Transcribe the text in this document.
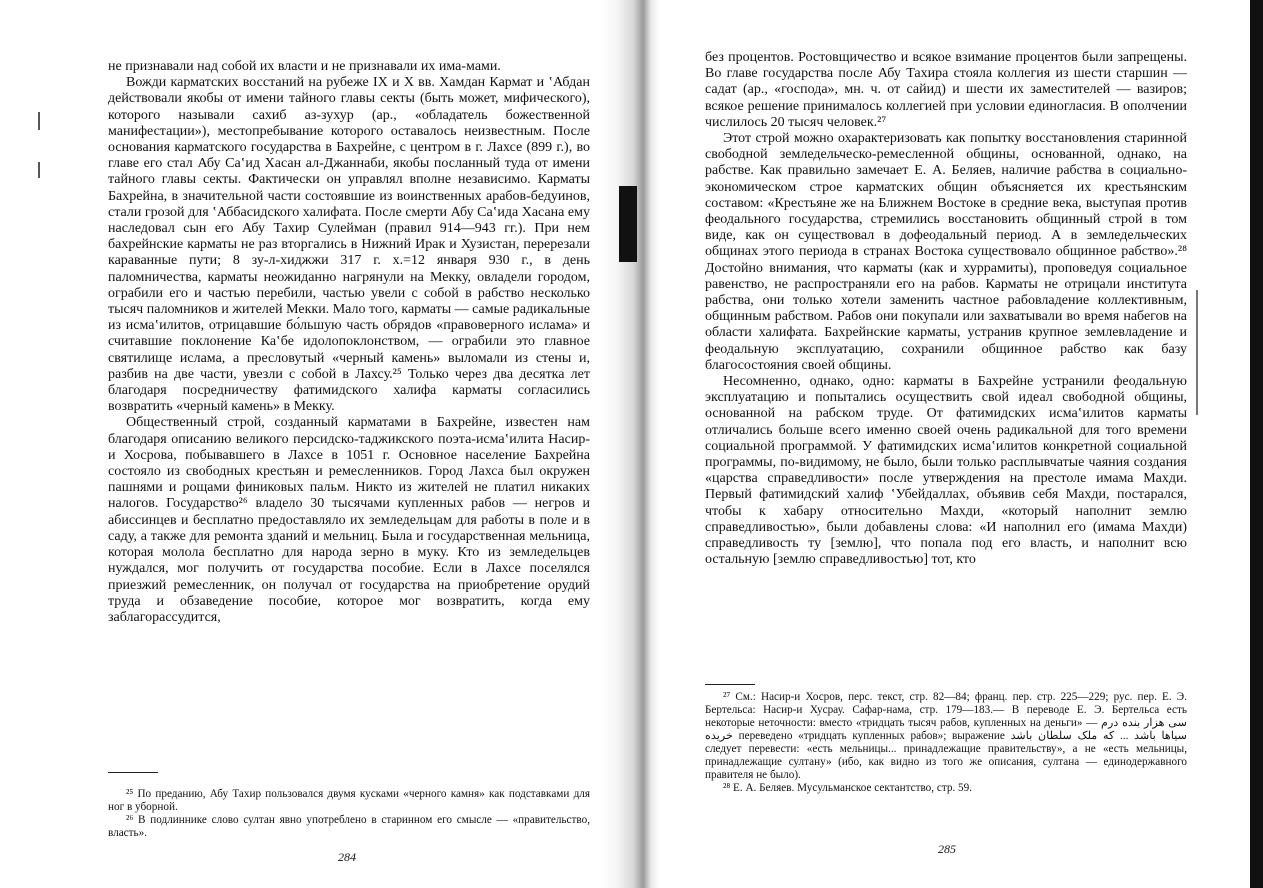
не признавали над собой их власти и не признавали их има-мами.

Вожди карматских восстаний на рубеже IX и X вв. Хамдан Кармат и ʽАбдан действовали якобы от имени тайного главы секты (быть может, мифического), которого называли сахиб аз-зухур (ар., «обладатель божественной манифестации»), местопребывание которого оставалось неизвестным. После основания карматского государства в Бахрейне, с центром в г. Лахсе (899 г.), во главе его стал Абу Саʽид Хасан ал-Джаннаби, якобы посланный туда от имени тайного главы секты. Фактически он управлял вполне независимо. Карматы Бахрейна, в значительной части состоявшие из воинственных арабов-бедуинов, стали грозой для ʽАббасидского халифата. После смерти Абу Саʽида Хасана ему наследовал сын его Абу Тахир Сулейман (правил 914—943 гг.). При нем бахрейнские карматы не раз вторгались в Нижний Ирак и Хузистан, перерезали караванные пути; 8 зу-л-хиджжи 317 г. х.=12 января 930 г., в день паломничества, карматы неожиданно нагрянули на Мекку, овладели городом, ограбили его и частью перебили, частью увели с собой в рабство несколько тысяч паломников и жителей Мекки. Мало того, карматы — самые радикальные из исмаʽилитов, отрицавшие бо́льшую часть обрядов «правоверного ислама» и считавшие поклонение Каʽбе идолопоклонством, — ограбили это главное святилище ислама, а пресловутый «черный камень» выломали из стены и, разбив на две части, увезли с собой в Лахсу.²⁵ Только через два десятка лет благодаря посредничеству фатимидского халифа карматы согласились возвратить «черный камень» в Мекку.

Общественный строй, созданный карматами в Бахрейне, известен нам благодаря описанию великого персидско-таджикского поэта-исмаʽилита Насир-и Хосрова, побывавшего в Лахсе в 1051 г. Основное население Бахрейна состояло из свободных крестьян и ремесленников. Город Лахса был окружен пашнями и рощами финиковых пальм. Никто из жителей не платил никаких налогов. Государство²⁶ владело 30 тысячами купленных рабов — негров и абиссинцев и бесплатно предоставляло их земледельцам для работы в поле и в саду, а также для ремонта зданий и мельниц. Была и государственная мельница, которая молола бесплатно для народа зерно в муку. Кто из земледельцев нуждался, мог получить от государства пособие. Если в Лахсе поселялся приезжий ремесленник, он получал от государства на приобретение орудий труда и обзаведение пособие, которое мог возвратить, когда ему заблагорассудится,

²⁵ По преданию, Абу Тахир пользовался двумя кусками «черного камня» как подставками для ног в уборной.

²⁶ В подлиннике слово султан явно употреблено в старинном его смысле — «правительство, власть».

284

без процентов. Ростовщичество и всякое взимание процентов были запрещены. Во главе государства после Абу Тахира стояла коллегия из шести старшин — садат (ар., «господа», мн. ч. от сайид) и шести их заместителей — вазиров; всякое решение принималось коллегией при условии единогласия. В ополчении числилось 20 тысяч человек.²⁷

Этот строй можно охарактеризовать как попытку восстановления старинной свободной земледельческо-ремесленной общины, основанной, однако, на рабстве. Как правильно замечает Е. А. Беляев, наличие рабства в социально-экономическом строе карматских общин объясняется их крестьянским составом: «Крестьяне же на Ближнем Востоке в средние века, выступая против феодального государства, стремились восстановить общинный строй в том виде, как он существовал в дофеодальный период. А в земледельческих общинах этого периода в странах Востока существовало общинное рабство».²⁸ Достойно внимания, что карматы (как и хуррамиты), проповедуя социальное равенство, не распространяли его на рабов. Карматы не отрицали института рабства, они только хотели заменить частное рабовладение коллективным, общинным рабством. Рабов они покупали или захватывали во время набегов на области халифата. Бахрейнские карматы, устранив крупное землевладение и феодальную эксплуатацию, сохранили общинное рабство как базу благосостояния своей общины.

Несомненно, однако, одно: карматы в Бахрейне устранили феодальную эксплуатацию и попытались осуществить свой идеал свободной общины, основанной на рабском труде. От фатимидских исмаʽилитов карматы отличались больше всего именно своей очень радикальной для того времени социальной программой. У фатимидских исмаʽилитов конкретной социальной программы, по-видимому, не было, были только расплывчатые чаяния создания «царства справедливости» после утверждения на престоле имама Махди. Первый фатимидский халиф ʽУбейдаллах, объявив себя Махди, постарался, чтобы к хабару относительно Махди, «который наполнит землю справедливостью», были добавлены слова: «И наполнил его (имама Махди) справедливость ту [землю], что попала под его власть, и наполнит всю остальную [землю справедливостью] тот, кто

²⁷ См.: Насир-и Хосров, перс. текст, стр. 82—84; франц. пер. стр. 225—229; рус. пер. Е. Э. Бертельса: Насир-и Хусрау. Сафар-нама, стр. 179—183.— В переводе Е. Э. Бертельса есть некоторые неточности: вместо «тридцать тысяч рабов, купленных на деньги» — سی هزار بنده درم خریده переведено «тридцать купленных рабов»; выражение سیاها باشد ... که ملک سلطان باشد следует перевести: «есть мельницы... принадлежащие правительству», а не «есть мельницы, принадлежащие султану» (ибо, как видно из того же описания, султана — единодержавного правителя не было).

²⁸ Е. А. Беляев. Мусульманское сектантство, стр. 59.

285
